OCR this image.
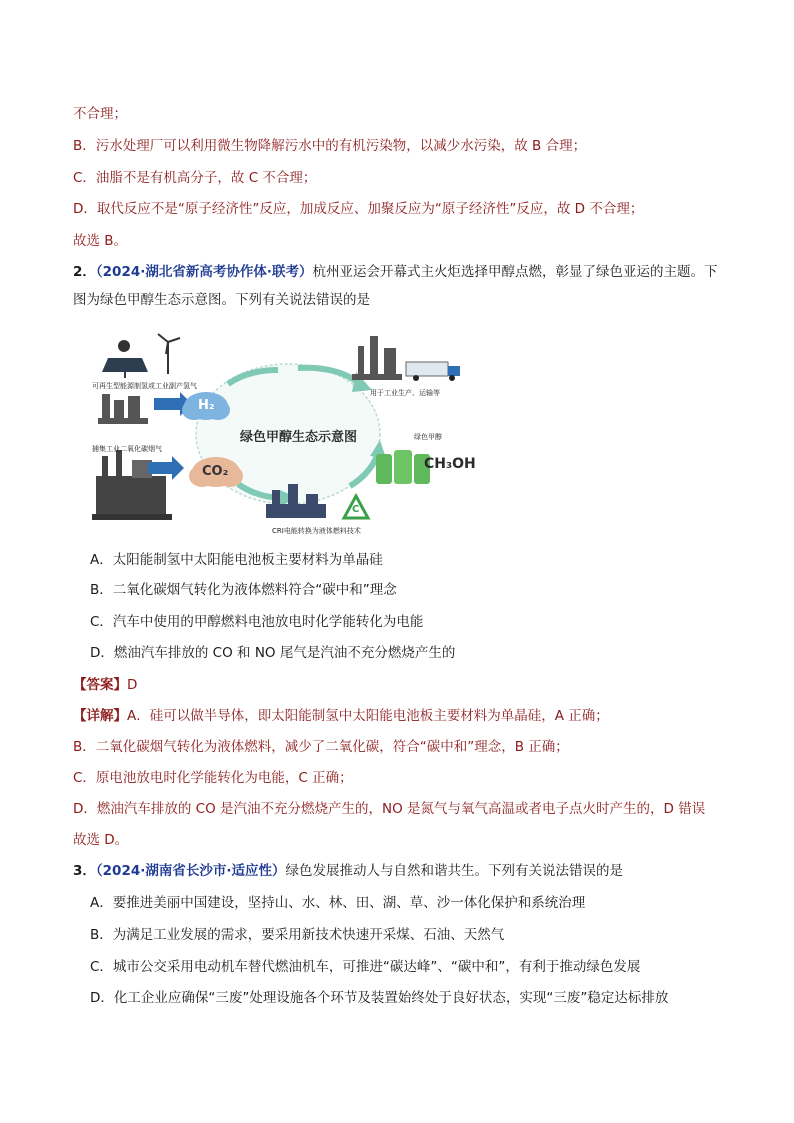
不合理；
B．污水处理厂可以利用微生物降解污水中的有机污染物，以减少水污染，故 B 合理；
C．油脂不是有机高分子，故 C 不合理；
D．取代反应不是“原子经济性”反应，加成反应、加聚反应为“原子经济性”反应，故 D 不合理；
故选 B。
2．（2024·湖北省新高考协作体·联考）杭州亚运会开幕式主火炬选择甲醇点燃，彰显了绿色亚运的主题。下
图为绿色甲醇生态示意图。下列有关说法错误的是
可再生型能源制氢或工业副产氢气
捕集工业二氧化碳烟气
用于工业生产、运输等
绿色甲醇
CRI电能转换为液体燃料技术
绿色甲醇生态示意图
H₂
CO₂	CH₃OH
C
A．太阳能制氢中太阳能电池板主要材料为单晶硅
B．二氧化碳烟气转化为液体燃料符合“碳中和”理念
C．汽车中使用的甲醇燃料电池放电时化学能转化为电能
D．燃油汽车排放的 CO 和 NO 尾气是汽油不充分燃烧产生的
【答案】D
【详解】A．硅可以做半导体，即太阳能制氢中太阳能电池板主要材料为单晶硅，A 正确；
B．二氧化碳烟气转化为液体燃料，减少了二氧化碳，符合“碳中和”理念，B 正确；
C．原电池放电时化学能转化为电能，C 正确；
D．燃油汽车排放的 CO 是汽油不充分燃烧产生的，NO 是氮气与氧气高温或者电子点火时产生的，D 错误
故选 D。
3．（2024·湖南省长沙市·适应性）绿色发展推动人与自然和谐共生。下列有关说法错误的是
A．要推进美丽中国建设，坚持山、水、林、田、湖、草、沙一体化保护和系统治理
B．为满足工业发展的需求，要采用新技术快速开采煤、石油、天然气
C．城市公交采用电动机车替代燃油机车，可推进“碳达峰”、“碳中和”，有利于推动绿色发展
D．化工企业应确保“三废”处理设施各个环节及装置始终处于良好状态，实现“三废”稳定达标排放
